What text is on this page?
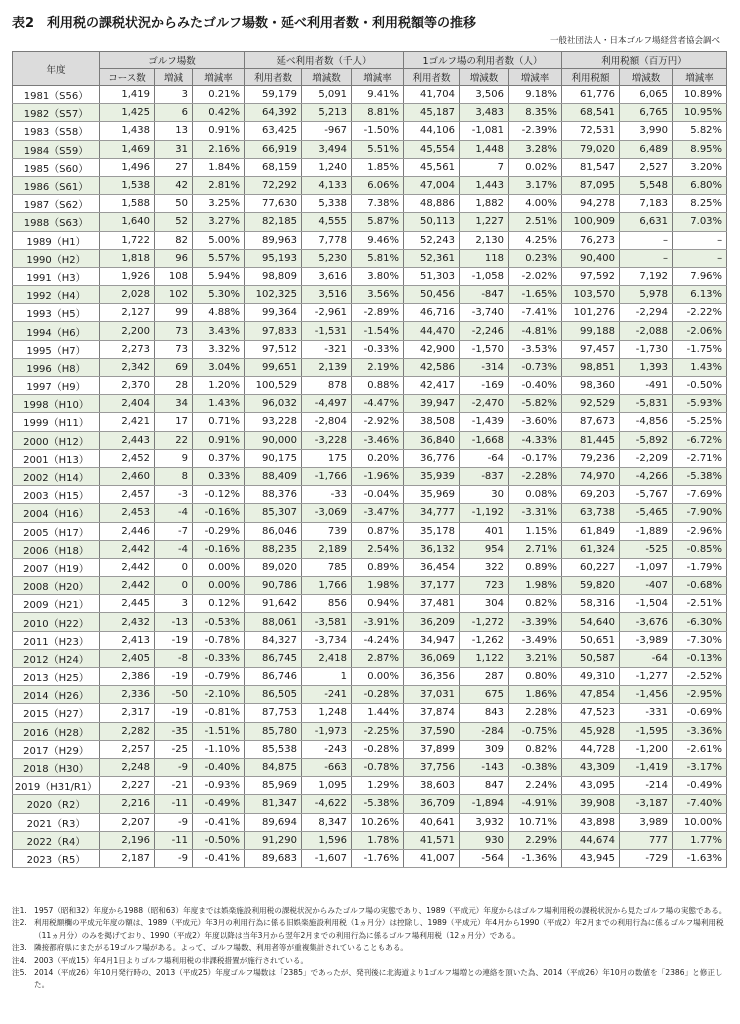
表2　利用税の課税状況からみたゴルフ場数・延べ利用者数・利用税額等の推移
一般社団法人・日本ゴルフ場経営者協会調べ
年度	ゴルフ場数			延べ利用者数（千人）			1ゴルフ場の利用者数（人）			利用税額（百万円）		
	コース数	増減	増減率	利用者数	増減数	増減率	利用者数	増減数	増減率	利用税額	増減数	増減率
1981（S56）	1,419	3	0.21%	59,179	5,091	9.41%	41,704	3,506	9.18%	61,776	6,065	10.89%
1982（S57）	1,425	6	0.42%	64,392	5,213	8.81%	45,187	3,483	8.35%	68,541	6,765	10.95%
1983（S58）	1,438	13	0.91%	63,425	-967	-1.50%	44,106	-1,081	-2.39%	72,531	3,990	5.82%
1984（S59）	1,469	31	2.16%	66,919	3,494	5.51%	45,554	1,448	3.28%	79,020	6,489	8.95%
1985（S60）	1,496	27	1.84%	68,159	1,240	1.85%	45,561	7	0.02%	81,547	2,527	3.20%
1986（S61）	1,538	42	2.81%	72,292	4,133	6.06%	47,004	1,443	3.17%	87,095	5,548	6.80%
1987（S62）	1,588	50	3.25%	77,630	5,338	7.38%	48,886	1,882	4.00%	94,278	7,183	8.25%
1988（S63）	1,640	52	3.27%	82,185	4,555	5.87%	50,113	1,227	2.51%	100,909	6,631	7.03%
1989（H1）	1,722	82	5.00%	89,963	7,778	9.46%	52,243	2,130	4.25%	76,273	–	–
1990（H2）	1,818	96	5.57%	95,193	5,230	5.81%	52,361	118	0.23%	90,400	–	–
1991（H3）	1,926	108	5.94%	98,809	3,616	3.80%	51,303	-1,058	-2.02%	97,592	7,192	7.96%
1992（H4）	2,028	102	5.30%	102,325	3,516	3.56%	50,456	-847	-1.65%	103,570	5,978	6.13%
1993（H5）	2,127	99	4.88%	99,364	-2,961	-2.89%	46,716	-3,740	-7.41%	101,276	-2,294	-2.22%
1994（H6）	2,200	73	3.43%	97,833	-1,531	-1.54%	44,470	-2,246	-4.81%	99,188	-2,088	-2.06%
1995（H7）	2,273	73	3.32%	97,512	-321	-0.33%	42,900	-1,570	-3.53%	97,457	-1,730	-1.75%
1996（H8）	2,342	69	3.04%	99,651	2,139	2.19%	42,586	-314	-0.73%	98,851	1,393	1.43%
1997（H9）	2,370	28	1.20%	100,529	878	0.88%	42,417	-169	-0.40%	98,360	-491	-0.50%
1998（H10）	2,404	34	1.43%	96,032	-4,497	-4.47%	39,947	-2,470	-5.82%	92,529	-5,831	-5.93%
1999（H11）	2,421	17	0.71%	93,228	-2,804	-2.92%	38,508	-1,439	-3.60%	87,673	-4,856	-5.25%
2000（H12）	2,443	22	0.91%	90,000	-3,228	-3.46%	36,840	-1,668	-4.33%	81,445	-5,892	-6.72%
2001（H13）	2,452	9	0.37%	90,175	175	0.20%	36,776	-64	-0.17%	79,236	-2,209	-2.71%
2002（H14）	2,460	8	0.33%	88,409	-1,766	-1.96%	35,939	-837	-2.28%	74,970	-4,266	-5.38%
2003（H15）	2,457	-3	-0.12%	88,376	-33	-0.04%	35,969	30	0.08%	69,203	-5,767	-7.69%
2004（H16）	2,453	-4	-0.16%	85,307	-3,069	-3.47%	34,777	-1,192	-3.31%	63,738	-5,465	-7.90%
2005（H17）	2,446	-7	-0.29%	86,046	739	0.87%	35,178	401	1.15%	61,849	-1,889	-2.96%
2006（H18）	2,442	-4	-0.16%	88,235	2,189	2.54%	36,132	954	2.71%	61,324	-525	-0.85%
2007（H19）	2,442	0	0.00%	89,020	785	0.89%	36,454	322	0.89%	60,227	-1,097	-1.79%
2008（H20）	2,442	0	0.00%	90,786	1,766	1.98%	37,177	723	1.98%	59,820	-407	-0.68%
2009（H21）	2,445	3	0.12%	91,642	856	0.94%	37,481	304	0.82%	58,316	-1,504	-2.51%
2010（H22）	2,432	-13	-0.53%	88,061	-3,581	-3.91%	36,209	-1,272	-3.39%	54,640	-3,676	-6.30%
2011（H23）	2,413	-19	-0.78%	84,327	-3,734	-4.24%	34,947	-1,262	-3.49%	50,651	-3,989	-7.30%
2012（H24）	2,405	-8	-0.33%	86,745	2,418	2.87%	36,069	1,122	3.21%	50,587	-64	-0.13%
2013（H25）	2,386	-19	-0.79%	86,746	1	0.00%	36,356	287	0.80%	49,310	-1,277	-2.52%
2014（H26）	2,336	-50	-2.10%	86,505	-241	-0.28%	37,031	675	1.86%	47,854	-1,456	-2.95%
2015（H27）	2,317	-19	-0.81%	87,753	1,248	1.44%	37,874	843	2.28%	47,523	-331	-0.69%
2016（H28）	2,282	-35	-1.51%	85,780	-1,973	-2.25%	37,590	-284	-0.75%	45,928	-1,595	-3.36%
2017（H29）	2,257	-25	-1.10%	85,538	-243	-0.28%	37,899	309	0.82%	44,728	-1,200	-2.61%
2018（H30）	2,248	-9	-0.40%	84,875	-663	-0.78%	37,756	-143	-0.38%	43,309	-1,419	-3.17%
2019（H31/R1）	2,227	-21	-0.93%	85,969	1,095	1.29%	38,603	847	2.24%	43,095	-214	-0.49%
2020（R2）	2,216	-11	-0.49%	81,347	-4,622	-5.38%	36,709	-1,894	-4.91%	39,908	-3,187	-7.40%
2021（R3）	2,207	-9	-0.41%	89,694	8,347	10.26%	40,641	3,932	10.71%	43,898	3,989	10.00%
2022（R4）	2,196	-11	-0.50%	91,290	1,596	1.78%	41,571	930	2.29%	44,674	777	1.77%
2023（R5）	2,187	-9	-0.41%	89,683	-1,607	-1.76%	41,007	-564	-1.36%	43,945	-729	-1.63%
注1. 1957（昭和32）年度から1988（昭和63）年度までは娯楽施設利用税の課税状況からみたゴルフ場の実態であり、1989（平成元）年度からはゴルフ場利用税の課税状況から見たゴルフ場の実態である。
注2. 利用税額欄の平成元年度の額は、1989（平成元）年3月の利用行為に係る旧娯楽施設利用税（1ヵ月分）は控除し、1989（平成元）年4月から1990（平成2）年2月までの利用行為に係るゴルフ場利用税（11ヵ月分）のみを掲げており、1990（平成2）年度以降は当年3月から翌年2月までの利用行為に係るゴルフ場利用税（12ヵ月分）である。
注3. 隣接都府県にまたがる19ゴルフ場がある。よって、ゴルフ場数、利用者等が重複集計されていることもある。
注4. 2003（平成15）年4月1日よりゴルフ場利用税の非課税措置が施行されている。
注5. 2014（平成26）年10月発行時の、2013（平成25）年度ゴルフ場数は「2385」であったが、発刊後に北海道より1ゴルフ場増との連絡を頂いた為、2014（平成26）年10月の数値を「2386」と修正した。
